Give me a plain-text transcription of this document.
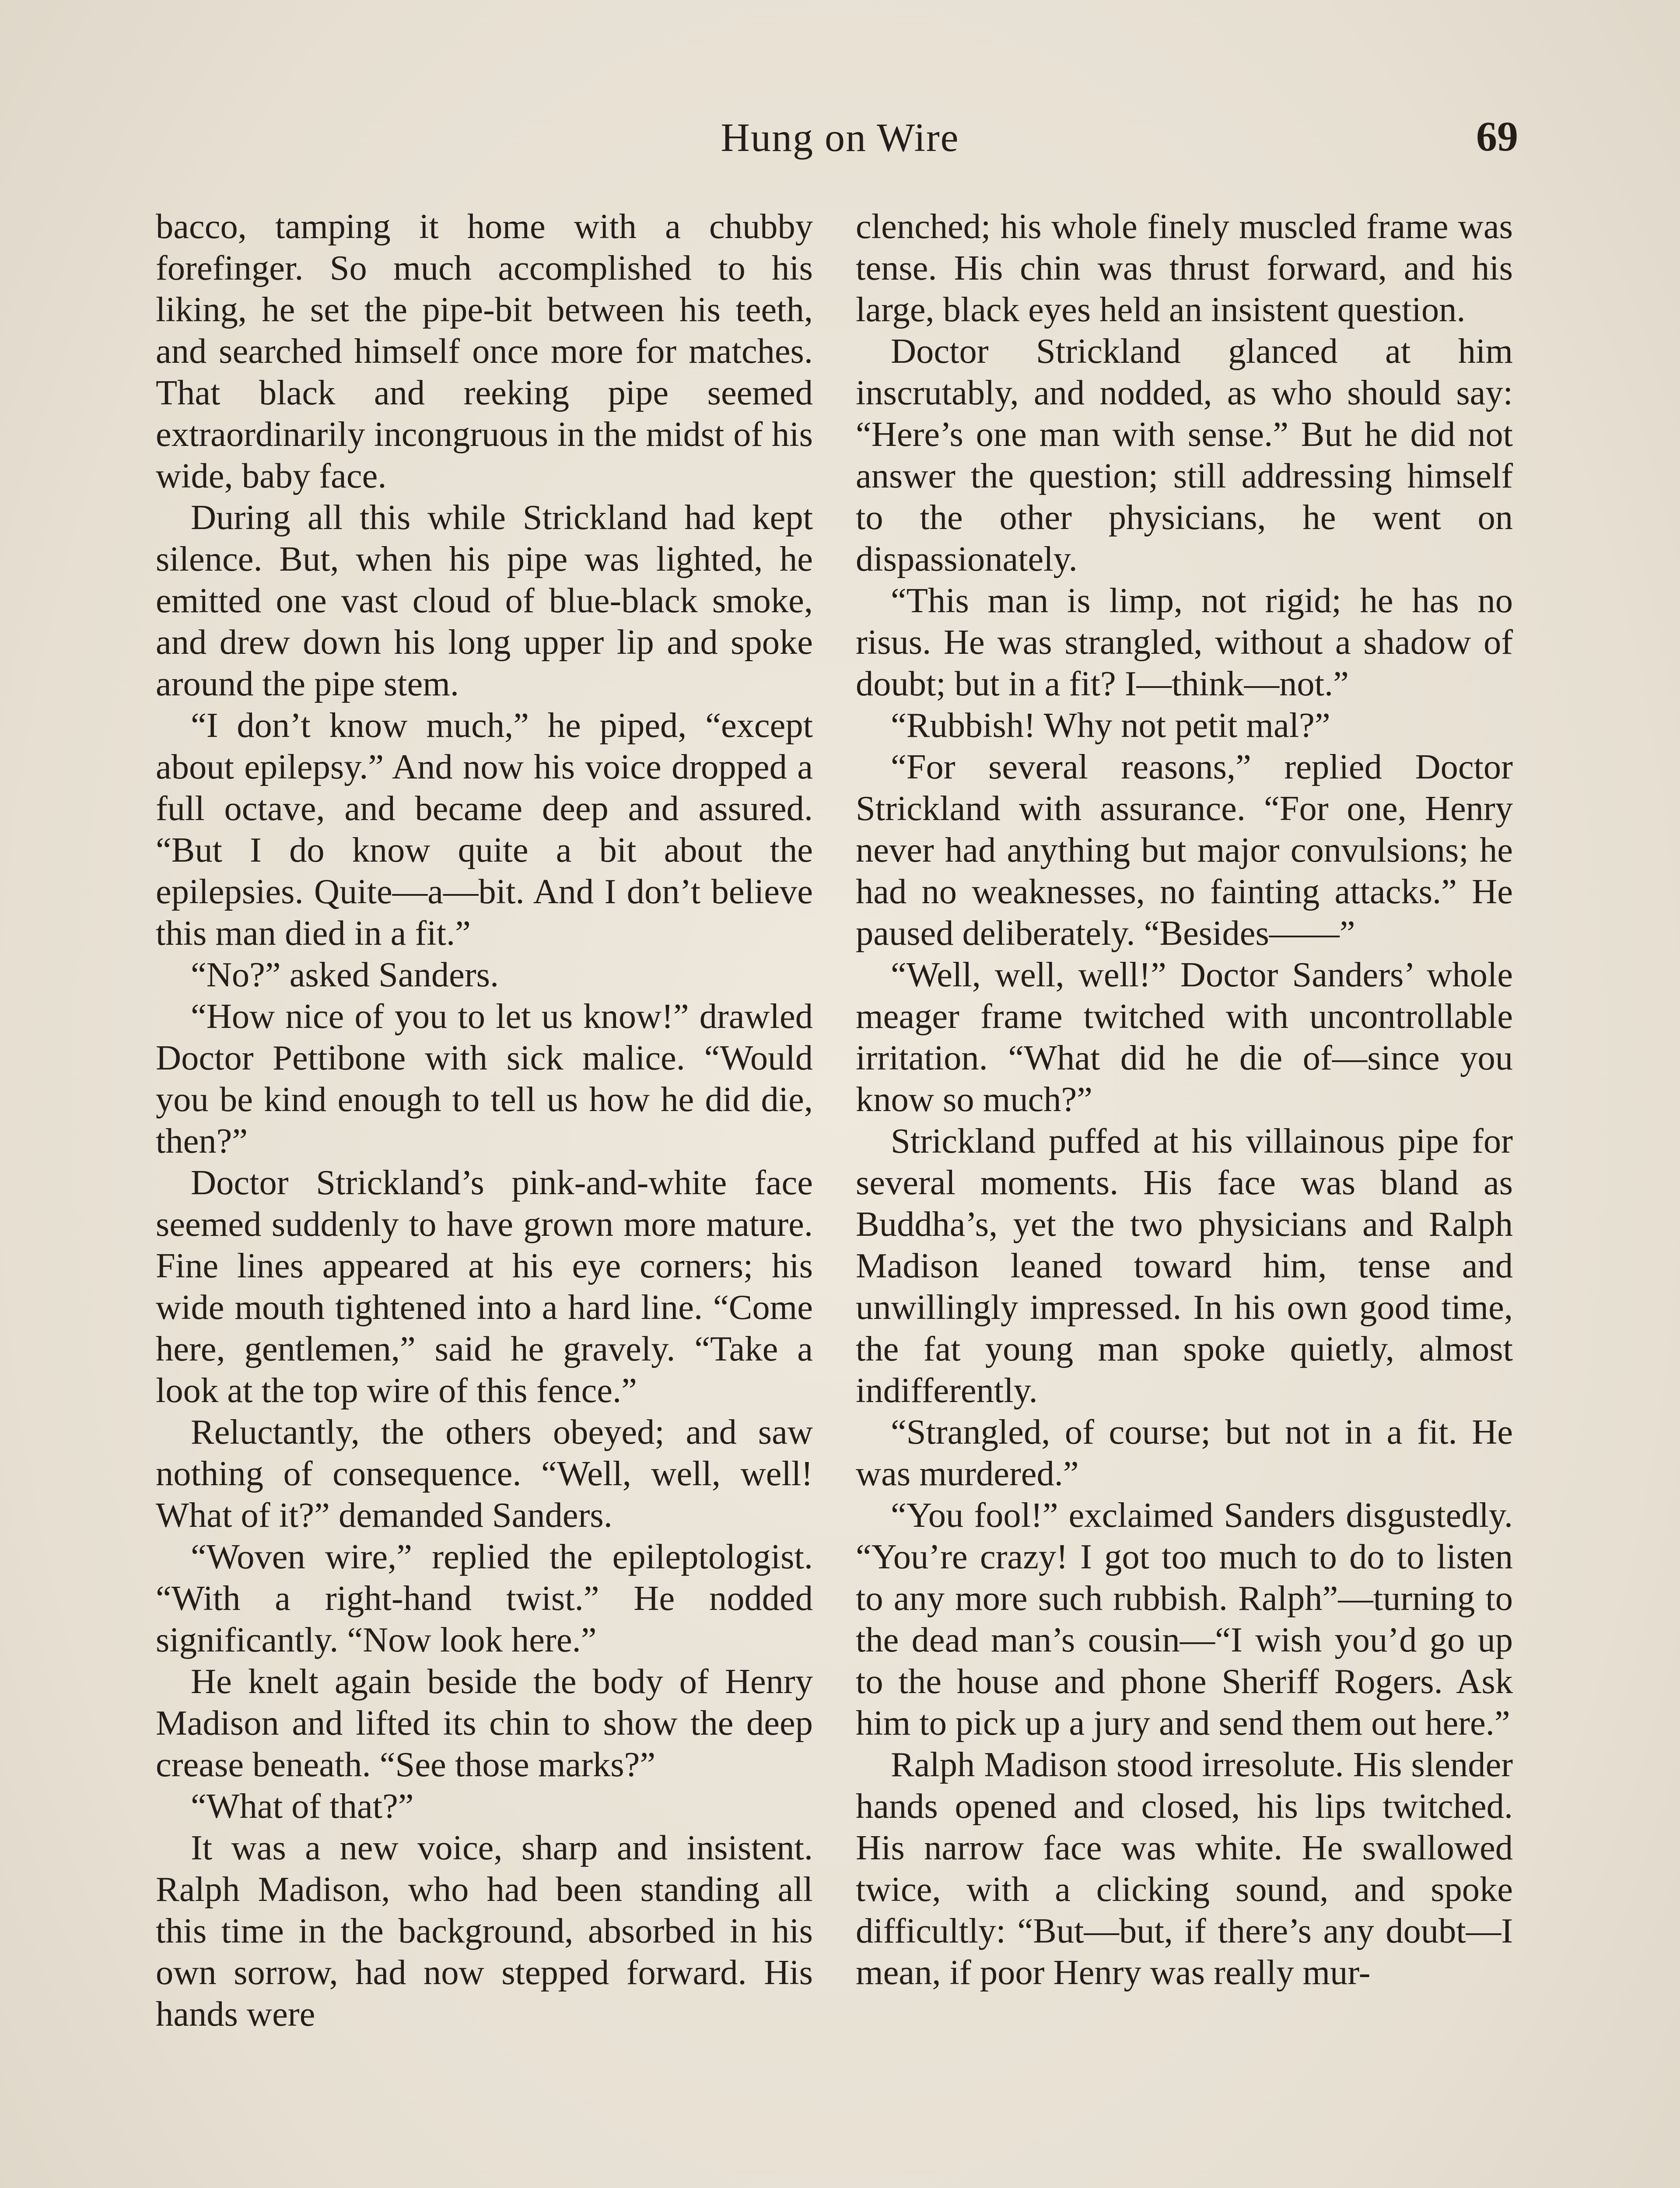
Hung on Wire	69

bacco, tamping it home with a chubby forefinger. So much accomplished to his liking, he set the pipe-bit between his teeth, and searched himself once more for matches. That black and reeking pipe seemed extraordinarily incongruous in the midst of his wide, baby face.

During all this while Strickland had kept silence. But, when his pipe was lighted, he emitted one vast cloud of blue-black smoke, and drew down his long upper lip and spoke around the pipe stem.

“I don’t know much,” he piped, “except about epilepsy.” And now his voice dropped a full octave, and became deep and assured. “But I do know quite a bit about the epilepsies. Quite—a—bit. And I don’t believe this man died in a fit.”

“No?” asked Sanders.

“How nice of you to let us know!” drawled Doctor Pettibone with sick malice. “Would you be kind enough to tell us how he did die, then?”

Doctor Strickland’s pink-and-white face seemed suddenly to have grown more mature. Fine lines appeared at his eye corners; his wide mouth tightened into a hard line. “Come here, gentlemen,” said he gravely. “Take a look at the top wire of this fence.”

Reluctantly, the others obeyed; and saw nothing of consequence. “Well, well, well! What of it?” demanded Sanders.

“Woven wire,” replied the epileptologist. “With a right-hand twist.” He nodded significantly. “Now look here.”

He knelt again beside the body of Henry Madison and lifted its chin to show the deep crease beneath. “See those marks?”

“What of that?”

It was a new voice, sharp and insistent. Ralph Madison, who had been standing all this time in the background, absorbed in his own sorrow, had now stepped forward. His hands were

clenched; his whole finely muscled frame was tense. His chin was thrust forward, and his large, black eyes held an insistent question.

Doctor Strickland glanced at him inscrutably, and nodded, as who should say: “Here’s one man with sense.” But he did not answer the question; still addressing himself to the other physicians, he went on dispassionately.

“This man is limp, not rigid; he has no risus. He was strangled, without a shadow of doubt; but in a fit? I—think—not.”

“Rubbish! Why not petit mal?”

“For several reasons,” replied Doctor Strickland with assurance. “For one, Henry never had anything but major convulsions; he had no weaknesses, no fainting attacks.” He paused deliberately. “Besides——”

“Well, well, well!” Doctor Sanders’ whole meager frame twitched with uncontrollable irritation. “What did he die of—since you know so much?”

Strickland puffed at his villainous pipe for several moments. His face was bland as Buddha’s, yet the two physicians and Ralph Madison leaned toward him, tense and unwillingly impressed. In his own good time, the fat young man spoke quietly, almost indifferently.

“Strangled, of course; but not in a fit. He was murdered.”

“You fool!” exclaimed Sanders disgustedly. “You’re crazy! I got too much to do to listen to any more such rubbish. Ralph”—turning to the dead man’s cousin—“I wish you’d go up to the house and phone Sheriff Rogers. Ask him to pick up a jury and send them out here.”

Ralph Madison stood irresolute. His slender hands opened and closed, his lips twitched. His narrow face was white. He swallowed twice, with a clicking sound, and spoke difficultly: “But—but, if there’s any doubt—I mean, if poor Henry was really mur-
